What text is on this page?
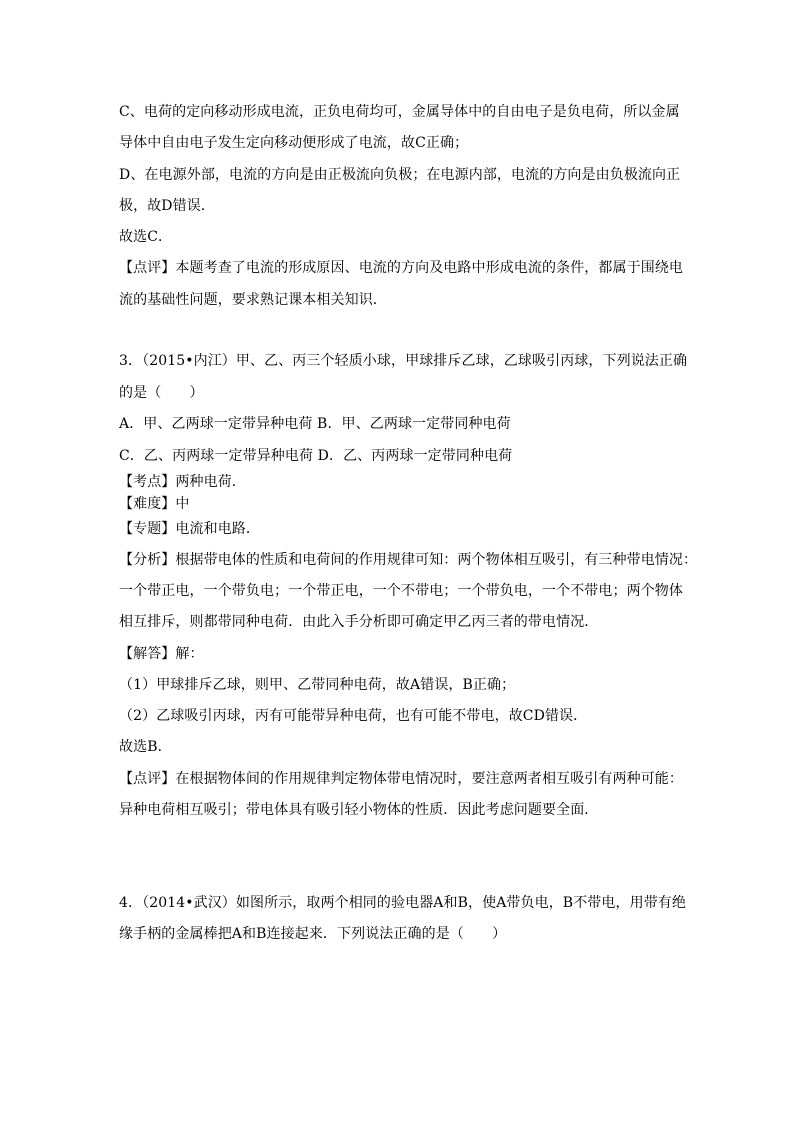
C、电荷的定向移动形成电流，正负电荷均可，金属导体中的自由电子是负电荷，所以金属
导体中自由电子发生定向移动便形成了电流，故C正确；
D、在电源外部，电流的方向是由正极流向负极；在电源内部，电流的方向是由负极流向正
极，故D错误．
故选C．
【点评】本题考查了电流的形成原因、电流的方向及电路中形成电流的条件，都属于围绕电
流的基础性问题，要求熟记课本相关知识．
3．（2015•内江）甲、乙、丙三个轻质小球，甲球排斥乙球，乙球吸引丙球，下列说法正确
的是（　　）
A．甲、乙两球一定带异种电荷 B．甲、乙两球一定带同种电荷
C．乙、丙两球一定带异种电荷 D．乙、丙两球一定带同种电荷
【考点】两种电荷．
【难度】中
【专题】电流和电路．
【分析】根据带电体的性质和电荷间的作用规律可知：两个物体相互吸引，有三种带电情况：
一个带正电，一个带负电；一个带正电，一个不带电；一个带负电，一个不带电；两个物体
相互排斥，则都带同种电荷．由此入手分析即可确定甲乙丙三者的带电情况．
【解答】解：
（1）甲球排斥乙球，则甲、乙带同种电荷，故A错误，B正确；
（2）乙球吸引丙球，丙有可能带异种电荷，也有可能不带电，故CD错误．
故选B．
【点评】在根据物体间的作用规律判定物体带电情况时，要注意两者相互吸引有两种可能：
异种电荷相互吸引；带电体具有吸引轻小物体的性质．因此考虑问题要全面．
4．（2014•武汉）如图所示，取两个相同的验电器A和B，使A带负电，B不带电，用带有绝
缘手柄的金属棒把A和B连接起来．下列说法正确的是（　　）
